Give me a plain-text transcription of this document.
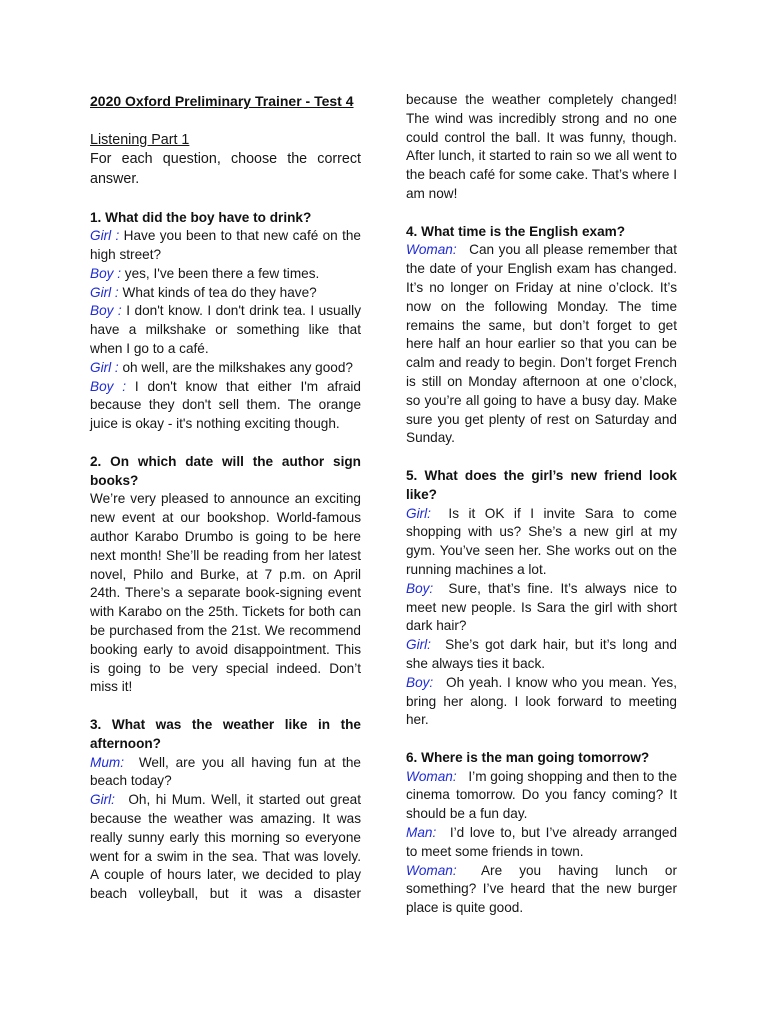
2020 Oxford Preliminary Trainer - Test 4

Listening Part 1

For each question, choose the correct answer.

1. What did the boy have to drink?

Girl : Have you been to that new café on the high street?

Boy : yes, I've been there a few times.

Girl : What kinds of tea do they have?

Boy : I don't know. I don't drink tea. I usually have a milkshake or something like that when I go to a café.

Girl : oh well, are the milkshakes any good?

Boy : I don't know that either I'm afraid because they don't sell them. The orange juice is okay - it's nothing exciting though.

2. On which date will the author sign books?

We’re very pleased to announce an exciting new event at our bookshop. World-famous author Karabo Drumbo is going to be here next month! She’ll be reading from her latest novel, Philo and Burke, at 7 p.m. on April 24th. There’s a separate book-signing event with Karabo on the 25th. Tickets for both can be purchased from the 21st. We recommend booking early to avoid disappointment. This is going to be very special indeed. Don’t miss it!

3. What was the weather like in the afternoon?

Mum: Well, are you all having fun at the beach today?

Girl: Oh, hi Mum. Well, it started out great because the weather was amazing. It was really sunny early this morning so everyone went for a swim in the sea. That was lovely. A couple of hours later, we decided to play beach volleyball, but it was a disaster

because the weather completely changed! The wind was incredibly strong and no one could control the ball. It was funny, though. After lunch, it started to rain so we all went to the beach café for some cake. That’s where I am now!

4. What time is the English exam?

Woman: Can you all please remember that the date of your English exam has changed. It’s no longer on Friday at nine o’clock. It’s now on the following Monday. The time remains the same, but don’t forget to get here half an hour earlier so that you can be calm and ready to begin. Don’t forget French is still on Monday afternoon at one o’clock, so you’re all going to have a busy day. Make sure you get plenty of rest on Saturday and Sunday.

5. What does the girl’s new friend look like?

Girl: Is it OK if I invite Sara to come shopping with us? She’s a new girl at my gym. You’ve seen her. She works out on the running machines a lot.

Boy: Sure, that’s fine. It’s always nice to meet new people. Is Sara the girl with short dark hair?

Girl: She’s got dark hair, but it’s long and she always ties it back.

Boy: Oh yeah. I know who you mean. Yes, bring her along. I look forward to meeting her.

6. Where is the man going tomorrow?

Woman: I’m going shopping and then to the cinema tomorrow. Do you fancy coming? It should be a fun day.

Man: I’d love to, but I’ve already arranged to meet some friends in town.

Woman: Are you having lunch or something? I’ve heard that the new burger place is quite good.
